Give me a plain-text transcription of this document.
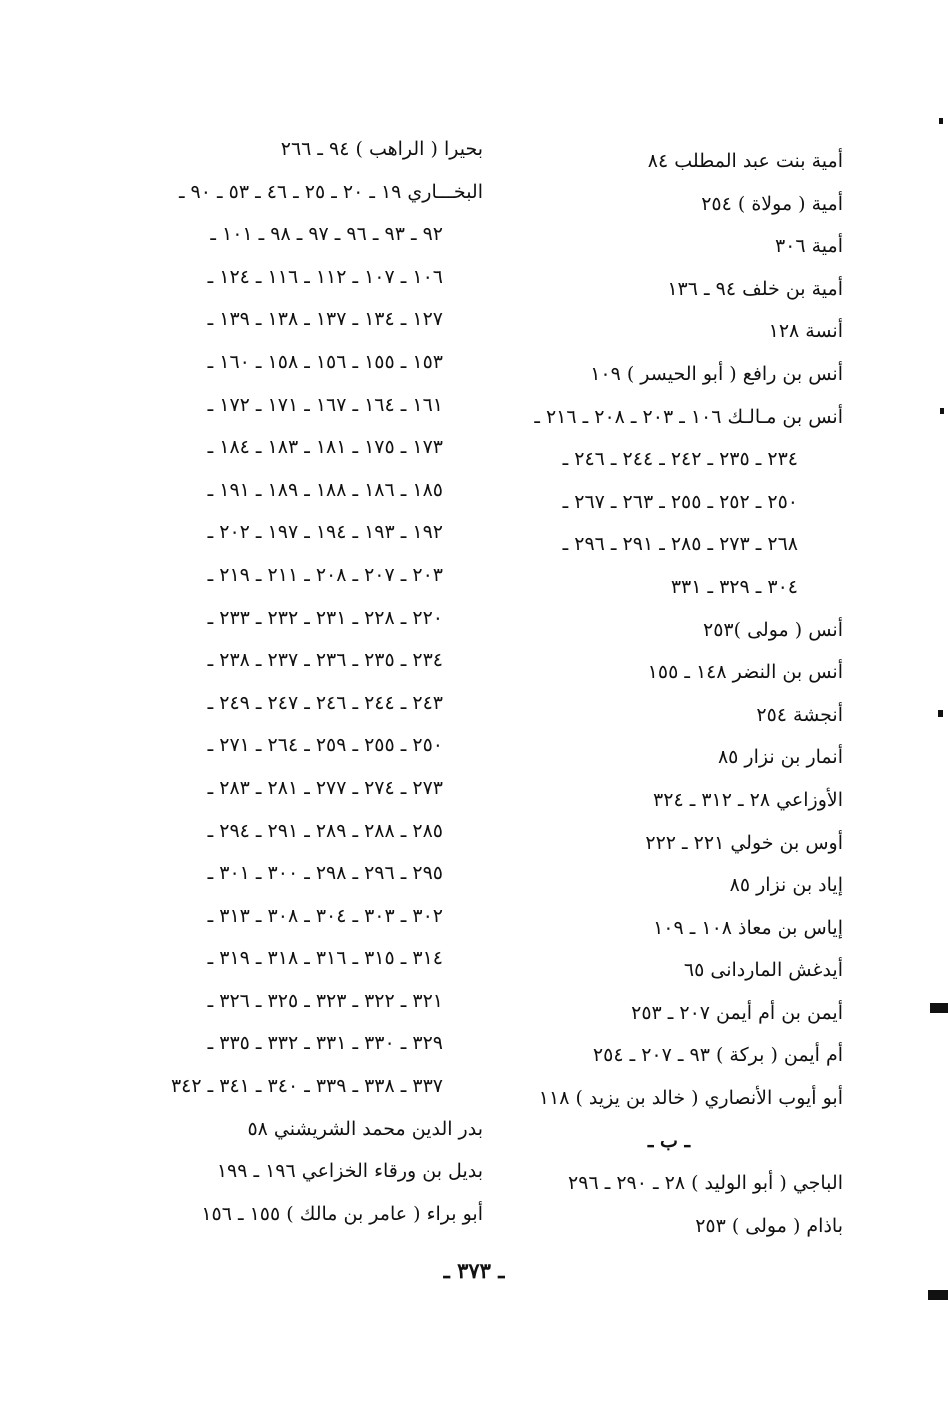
أمية بنت عبد المطلب ٨٤
أمية ( مولاة ) ٢٥٤
أمية ٣٠٦
أمية بن خلف ٩٤ ـ ١٣٦
أنسة ١٢٨
أنس بن رافع ( أبو الحيسر ) ١٠٩
أنس بن مـالـك ١٠٦ ـ ٢٠٣ ـ ٢٠٨ ـ ٢١٦ ـ
٢٣٤ ـ ٢٣٥ ـ ٢٤٢ ـ ٢٤٤ ـ ٢٤٦ ـ
٢٥٠ ـ ٢٥٢ ـ ٢٥٥ ـ ٢٦٣ ـ ٢٦٧ ـ
٢٦٨ ـ ٢٧٣ ـ ٢٨٥ ـ ٢٩١ ـ ٢٩٦ ـ
٣٠٤ ـ ٣٢٩ ـ ٣٣١
أنس ( مولى )٢٥٣
أنس بن النضر ١٤٨ ـ ١٥٥
أنجشة ٢٥٤
أنمار بن نزار ٨٥
الأوزاعي ٢٨ ـ ٣١٢ ـ ٣٢٤
أوس بن خولي ٢٢١ ـ ٢٢٢
إياد بن نزار ٨٥
إياس بن معاذ ١٠٨ ـ ١٠٩
أيدغش الماردانى ٦٥
أيمن بن أم أيمن ٢٠٧ ـ ٢٥٣
أم أيمن ( بركة ) ٩٣ ـ ٢٠٧ ـ ٢٥٤
أبو أيوب الأنصاري ( خالد بن يزيد ) ١١٨
ـ ب ـ
الباجي ( أبو الوليد ) ٢٨ ـ ٢٩٠ ـ ٢٩٦
باذام ( مولى ) ٢٥٣
بحيرا ( الراهب ) ٩٤ ـ ٢٦٦
البخـــاري ١٩ ـ ٢٠ ـ ٢٥ ـ ٤٦ ـ ٥٣ ـ ٩٠ ـ
٩٢ ـ ٩٣ ـ ٩٦ ـ ٩٧ ـ ٩٨ ـ ١٠١ ـ
١٠٦ ـ ١٠٧ ـ ١١٢ ـ ١١٦ ـ ١٢٤ ـ
١٢٧ ـ ١٣٤ ـ ١٣٧ ـ ١٣٨ ـ ١٣٩ ـ
١٥٣ ـ ١٥٥ ـ ١٥٦ ـ ١٥٨ ـ ١٦٠ ـ
١٦١ ـ ١٦٤ ـ ١٦٧ ـ ١٧١ ـ ١٧٢ ـ
١٧٣ ـ ١٧٥ ـ ١٨١ ـ ١٨٣ ـ ١٨٤ ـ
١٨٥ ـ ١٨٦ ـ ١٨٨ ـ ١٨٩ ـ ١٩١ ـ
١٩٢ ـ ١٩٣ ـ ١٩٤ ـ ١٩٧ ـ ٢٠٢ ـ
٢٠٣ ـ ٢٠٧ ـ ٢٠٨ ـ ٢١١ ـ ٢١٩ ـ
٢٢٠ ـ ٢٢٨ ـ ٢٣١ ـ ٢٣٢ ـ ٢٣٣ ـ
٢٣٤ ـ ٢٣٥ ـ ٢٣٦ ـ ٢٣٧ ـ ٢٣٨ ـ
٢٤٣ ـ ٢٤٤ ـ ٢٤٦ ـ ٢٤٧ ـ ٢٤٩ ـ
٢٥٠ ـ ٢٥٥ ـ ٢٥٩ ـ ٢٦٤ ـ ٢٧١ ـ
٢٧٣ ـ ٢٧٤ ـ ٢٧٧ ـ ٢٨١ ـ ٢٨٣ ـ
٢٨٥ ـ ٢٨٨ ـ ٢٨٩ ـ ٢٩١ ـ ٢٩٤ ـ
٢٩٥ ـ ٢٩٦ ـ ٢٩٨ ـ ٣٠٠ ـ ٣٠١ ـ
٣٠٢ ـ ٣٠٣ ـ ٣٠٤ ـ ٣٠٨ ـ ٣١٣ ـ
٣١٤ ـ ٣١٥ ـ ٣١٦ ـ ٣١٨ ـ ٣١٩ ـ
٣٢١ ـ ٣٢٢ ـ ٣٢٣ ـ ٣٢٥ ـ ٣٢٦ ـ
٣٢٩ ـ ٣٣٠ ـ ٣٣١ ـ ٣٣٢ ـ ٣٣٥ ـ
٣٣٧ ـ ٣٣٨ ـ ٣٣٩ ـ ٣٤٠ ـ ٣٤١ ـ ٣٤٢
بدر الدين محمد الشريشني ٥٨
بديل بن ورقاء الخزاعي ١٩٦ ـ ١٩٩
أبو براء ( عامر بن مالك ) ١٥٥ ـ ١٥٦
ـ ٣٧٣ ـ
